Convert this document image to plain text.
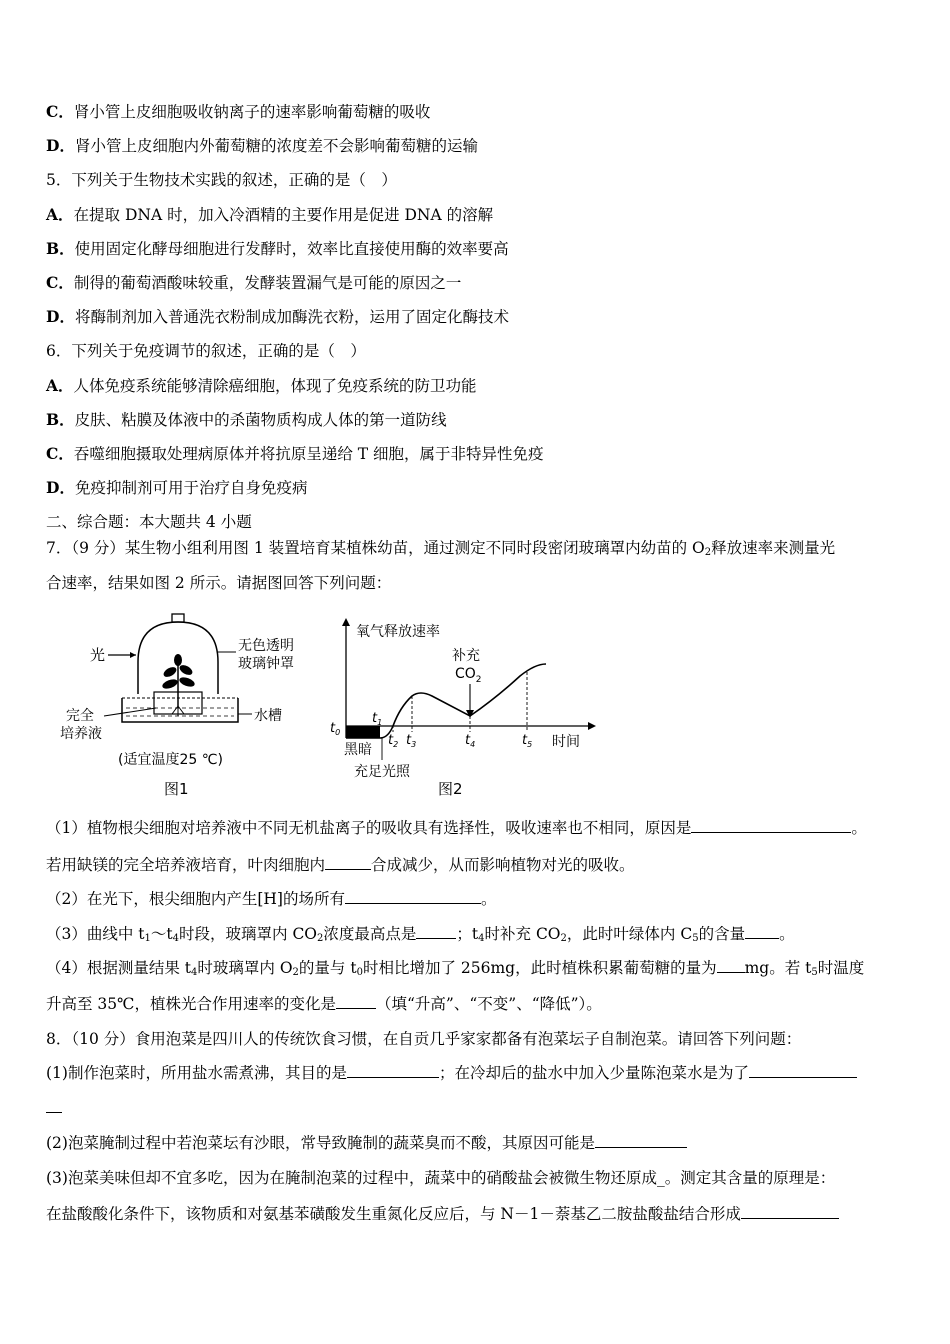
C．肾小管上皮细胞吸收钠离子的速率影响葡萄糖的吸收
D．肾小管上皮细胞内外葡萄糖的浓度差不会影响葡萄糖的运输
5．下列关于生物技术实践的叙述，正确的是（　）
A．在提取 DNA 时，加入冷酒精的主要作用是促进 DNA 的溶解
B．使用固定化酵母细胞进行发酵时，效率比直接使用酶的效率要高
C．制得的葡萄酒酸味较重，发酵装置漏气是可能的原因之一
D．将酶制剂加入普通洗衣粉制成加酶洗衣粉，运用了固定化酶技术
6．下列关于免疫调节的叙述，正确的是（　）
A．人体免疫系统能够清除癌细胞，体现了免疫系统的防卫功能
B．皮肤、粘膜及体液中的杀菌物质构成人体的第一道防线
C．吞噬细胞摄取处理病原体并将抗原呈递给 T 细胞，属于非特异性免疫
D．免疫抑制剂可用于治疗自身免疫病
二、综合题：本大题共 4 小题
7．（9 分）某生物小组利用图 1 装置培育某植株幼苗，通过测定不同时段密闭玻璃罩内幼苗的 $O_2$释放速率来测量光
合速率，结果如图 2 所示。请据图回答下列问题：
光	无色透明
玻璃钟罩
完全
培养液
水槽
(适宜温度25 ℃)
图1
氧气释放速率
补充
$CO_2$
$t_0$
$t_1$
$t_2$ $t_3$	$t_4$	$t_5$ 时间
黑暗
充足光照
图2
（1）植物根尖细胞对培养液中不同无机盐离子的吸收具有选择性，吸收速率也不相同，原因是	。
若用缺镁的完全培养液培育，叶肉细胞内	合成减少，从而影响植物对光的吸收。
（2）在光下，根尖细胞内产生[H]的场所有	。
（3）曲线中 $t_1\sim t_4$时段，玻璃罩内 $CO_2$浓度最高点是	；$t_4$时补充 $CO_2$，此时叶绿体内 $C_5$的含量 。
（4）根据测量结果 $t_4$时玻璃罩内 $O_2$的量与 $t_0$时相比增加了 256mg，此时植株积累葡萄糖的量为 mg。若 $t_5$时温度
升高至 35℃，植株光合作用速率的变化是	（填“升高”、“不变”、“降低”）。
8．（10 分）食用泡菜是四川人的传统饮食习惯，在自贡几乎家家都备有泡菜坛子自制泡菜。请回答下列问题：
(1)制作泡菜时，所用盐水需煮沸，其目的是	；在冷却后的盐水中加入少量陈泡菜水是为了
(2)泡菜腌制过程中若泡菜坛有沙眼，常导致腌制的蔬菜臭而不酸，其原因可能是
(3)泡菜美味但却不宜多吃，因为在腌制泡菜的过程中，蔬菜中的硝酸盐会被微生物还原成_。测定其含量的原理是：
在盐酸酸化条件下，该物质和对氨基苯磺酸发生重氮化反应后，与 N－1－萘基乙二胺盐酸盐结合形成
